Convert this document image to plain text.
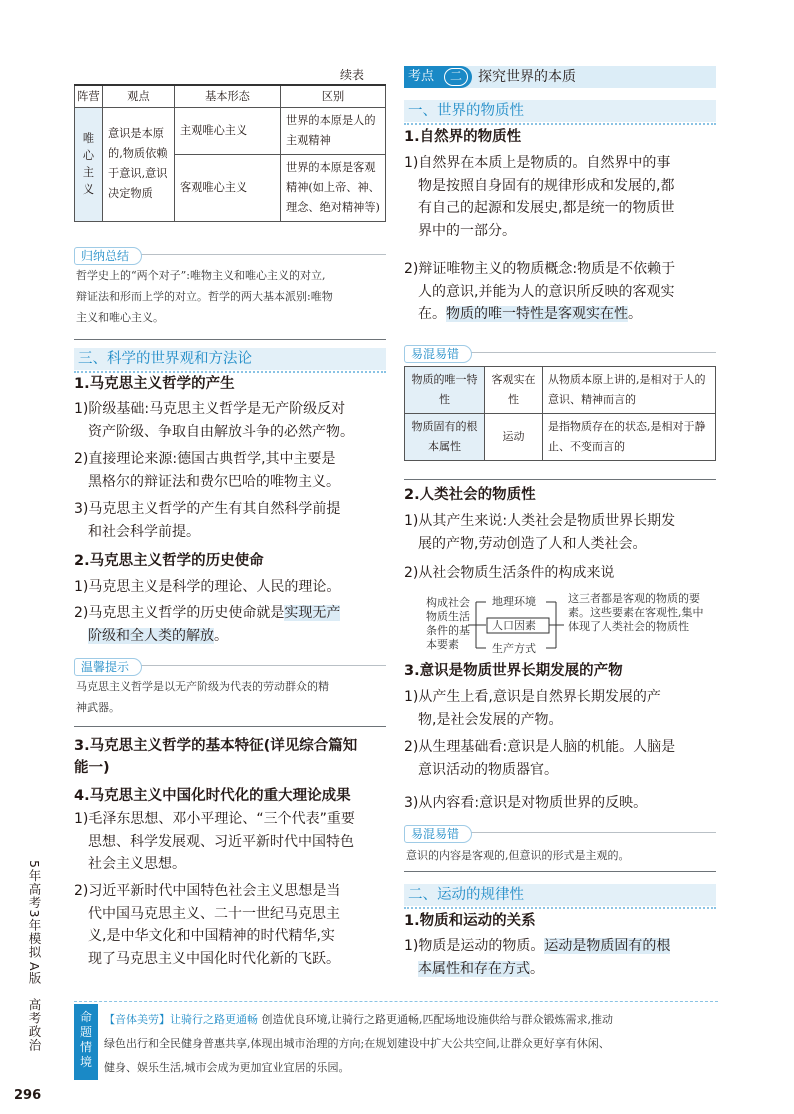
续表
阵营	观点	基本形态	区别

唯心主义	意识是本原的,物质依赖于意识,意识决定物质	主观唯心主义	世界的本原是人的主观精神
		客观唯心主义	世界的本原是客观精神(如上帝、神、理念、绝对精神等)
归纳总结
哲学史上的“两个对子”:唯物主义和唯心主义的对立,
辩证法和形而上学的对立。哲学的两大基本派别:唯物
主义和唯心主义。
三、科学的世界观和方法论
1.马克思主义哲学的产生
1)阶级基础:马克思主义哲学是无产阶级反对
资产阶级、争取自由解放斗争的必然产物。
2)直接理论来源:德国古典哲学,其中主要是
黑格尔的辩证法和费尔巴哈的唯物主义。
3)马克思主义哲学的产生有其自然科学前提
和社会科学前提。
2.马克思主义哲学的历史使命
1)马克思主义是科学的理论、人民的理论。
2)马克思主义哲学的历史使命就是实现无产
阶级和全人类的解放。
温馨提示
马克思主义哲学是以无产阶级为代表的劳动群众的精
神武器。
3.马克思主义哲学的基本特征(详见综合篇知
能一)
4.马克思主义中国化时代化的重大理论成果
1)毛泽东思想、邓小平理论、“三个代表”重要
思想、科学发展观、习近平新时代中国特色
社会主义思想。
2)习近平新时代中国特色社会主义思想是当
代中国马克思主义、二十一世纪马克思主
义,是中华文化和中国精神的时代精华,实
现了马克思主义中国化时代化新的飞跃。
考点	二	探究世界的本质
一、世界的物质性
1.自然界的物质性
1)自然界在本质上是物质的。自然界中的事
物是按照自身固有的规律形成和发展的,都
有自己的起源和发展史,都是统一的物质世
界中的一部分。
2)辩证唯物主义的物质概念:物质是不依赖于
人的意识,并能为人的意识所反映的客观实
在。物质的唯一特性是客观实在性。
易混易错
物质的唯一特性	客观实在性	从物质本原上讲的,是相对于人的意识、精神而言的
物质固有的根本属性	运动	是指物质存在的状态,是相对于静止、不变而言的
2.人类社会的物质性
1)从其产生来说:人类社会是物质世界长期发
展的产物,劳动创造了人和人类社会。
2)从社会物质生活条件的构成来说
构成社会物质生活条件的基本要素
地理环境
人口因素
生产方式
这三者都是客观的物质的要素。这些要素在客观性,集中体现了人类社会的物质性
3.意识是物质世界长期发展的产物
1)从产生上看,意识是自然界长期发展的产
物,是社会发展的产物。
2)从生理基础看:意识是人脑的机能。人脑是
意识活动的物质器官。
3)从内容看:意识是对物质世界的反映。
易混易错
意识的内容是客观的,但意识的形式是主观的。
二、运动的规律性
1.物质和运动的关系
1)物质是运动的物质。运动是物质固有的根
本属性和存在方式。
5年高考3年模拟
A版
高考政治
296
命题情境
【音体美劳】让骑行之路更通畅 创造优良环境,让骑行之路更通畅,匹配场地设施供给与群众锻炼需求,推动
绿色出行和全民健身普惠共享,体现出城市治理的方向;在规划建设中扩大公共空间,让群众更好享有休闲、
健身、娱乐生活,城市会成为更加宜业宜居的乐园。
